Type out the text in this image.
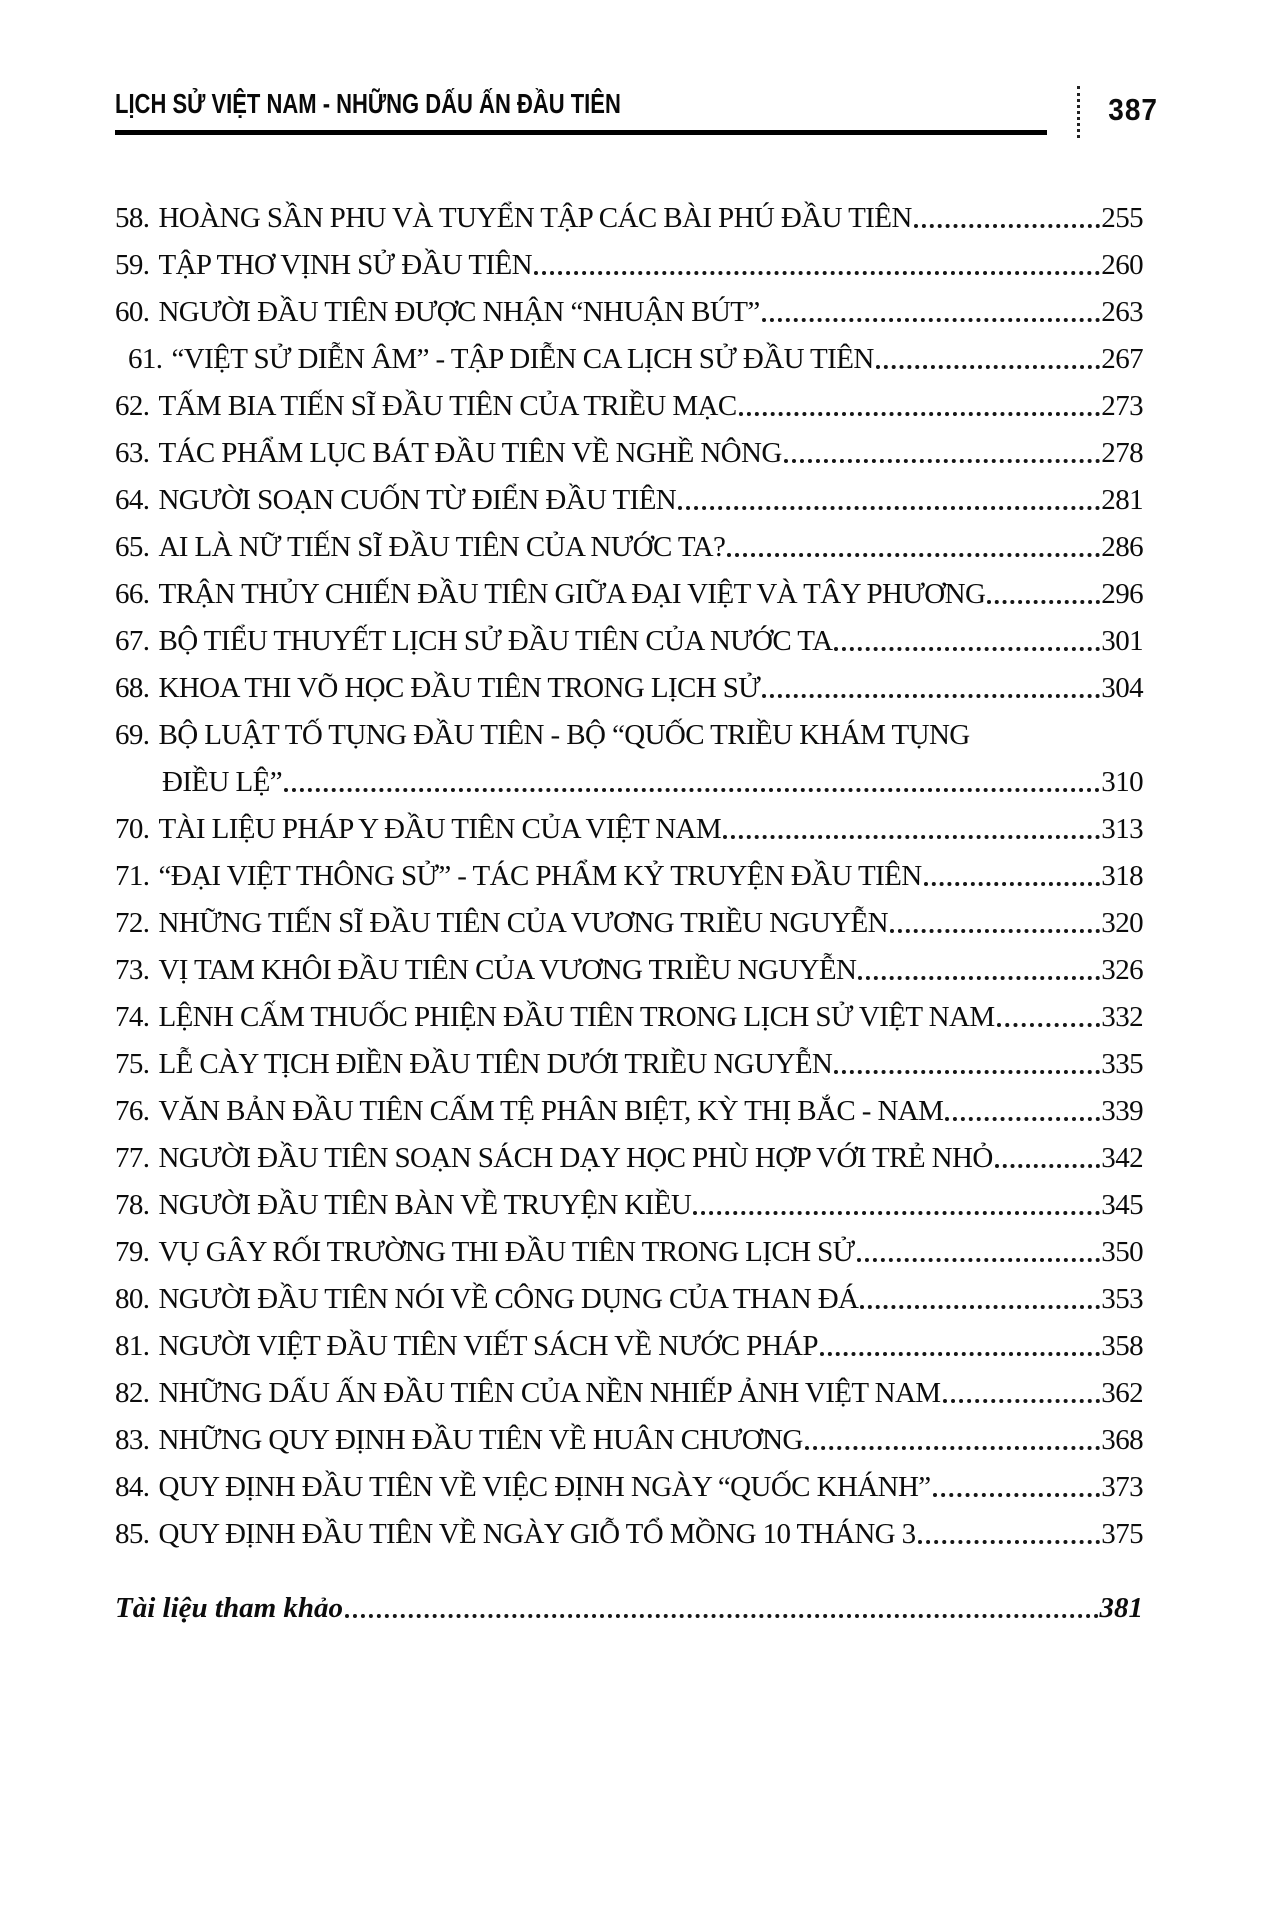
LỊCH SỬ VIỆT NAM - NHỮNG DẤU ẤN ĐẦU TIÊN	387
58. HOÀNG SẦN PHU VÀ TUYỂN TẬP CÁC BÀI PHÚ ĐẦU TIÊN	255
59. TẬP THƠ VỊNH SỬ ĐẦU TIÊN	260
60. NGƯỜI ĐẦU TIÊN ĐƯỢC NHẬN “NHUẬN BÚT”	263
61. “VIỆT SỬ DIỄN ÂM” - TẬP DIỄN CA LỊCH SỬ ĐẦU TIÊN	267
62. TẤM BIA TIẾN SĨ ĐẦU TIÊN CỦA TRIỀU MẠC	273
63. TÁC PHẨM LỤC BÁT ĐẦU TIÊN VỀ NGHỀ NÔNG	278
64. NGƯỜI SOẠN CUỐN TỪ ĐIỂN ĐẦU TIÊN	281
65. AI LÀ NỮ TIẾN SĨ ĐẦU TIÊN CỦA NƯỚC TA?	286
66. TRẬN THỦY CHIẾN ĐẦU TIÊN GIỮA ĐẠI VIỆT VÀ TÂY PHƯƠNG	296
67. BỘ TIỂU THUYẾT LỊCH SỬ ĐẦU TIÊN CỦA NƯỚC TA	301
68. KHOA THI VÕ HỌC ĐẦU TIÊN TRONG LỊCH SỬ	304
69. BỘ LUẬT TỐ TỤNG ĐẦU TIÊN - BỘ “QUỐC TRIỀU KHÁM TỤNG
ĐIỀU LỆ”	310
70. TÀI LIỆU PHÁP Y ĐẦU TIÊN CỦA VIỆT NAM	313
71. “ĐẠI VIỆT THÔNG SỬ” - TÁC PHẨM KỶ TRUYỆN ĐẦU TIÊN	318
72. NHỮNG TIẾN SĨ ĐẦU TIÊN CỦA VƯƠNG TRIỀU NGUYỄN	320
73. VỊ TAM KHÔI ĐẦU TIÊN CỦA VƯƠNG TRIỀU NGUYỄN	326
74. LỆNH CẤM THUỐC PHIỆN ĐẦU TIÊN TRONG LỊCH SỬ VIỆT NAM	332
75. LỄ CÀY TỊCH ĐIỀN ĐẦU TIÊN DƯỚI TRIỀU NGUYỄN	335
76. VĂN BẢN ĐẦU TIÊN CẤM TỆ PHÂN BIỆT, KỲ THỊ BẮC - NAM	339
77. NGƯỜI ĐẦU TIÊN SOẠN SÁCH DẠY HỌC PHÙ HỢP VỚI TRẺ NHỎ	342
78. NGƯỜI ĐẦU TIÊN BÀN VỀ TRUYỆN KIỀU	345
79. VỤ GÂY RỐI TRƯỜNG THI ĐẦU TIÊN TRONG LỊCH SỬ	350
80. NGƯỜI ĐẦU TIÊN NÓI VỀ CÔNG DỤNG CỦA THAN ĐÁ	353
81. NGƯỜI VIỆT ĐẦU TIÊN VIẾT SÁCH VỀ NƯỚC PHÁP	358
82. NHỮNG DẤU ẤN ĐẦU TIÊN CỦA NỀN NHIẾP ẢNH VIỆT NAM	362
83. NHỮNG QUY ĐỊNH ĐẦU TIÊN VỀ HUÂN CHƯƠNG	368
84. QUY ĐỊNH ĐẦU TIÊN VỀ VIỆC ĐỊNH NGÀY “QUỐC KHÁNH”	373
85. QUY ĐỊNH ĐẦU TIÊN VỀ NGÀY GIỖ TỔ MỒNG 10 THÁNG 3	375
Tài liệu tham khảo	381
